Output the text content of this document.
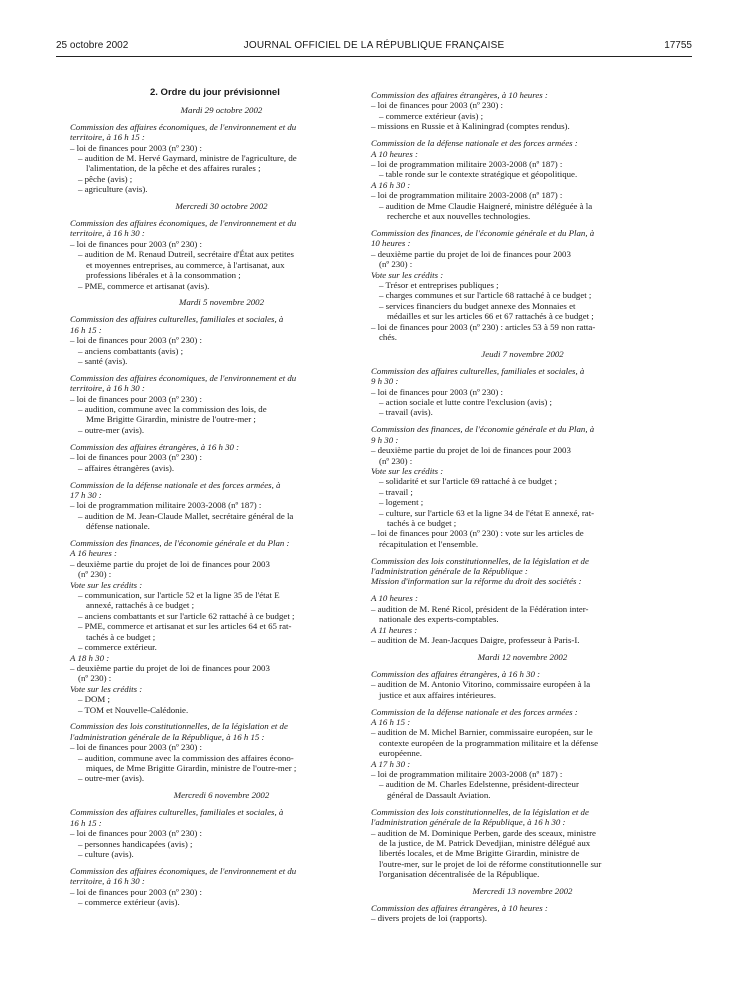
25 octobre 2002	JOURNAL OFFICIEL DE LA RÉPUBLIQUE FRANÇAISE	17755
2. Ordre du jour prévisionnel
Mardi 29 octobre 2002
Commission des affaires économiques, de l'environnement et du
territoire, à 16 h 15 :
– loi de finances pour 2003 (nº 230) :
– audition de M. Hervé Gaymard, ministre de l'agriculture, de
l'alimentation, de la pêche et des affaires rurales ;
– pêche (avis) ;
– agriculture (avis).
Mercredi 30 octobre 2002
Commission des affaires économiques, de l'environnement et du
territoire, à 16 h 30 :
– loi de finances pour 2003 (nº 230) :
– audition de M. Renaud Dutreil, secrétaire d'État aux petites
et moyennes entreprises, au commerce, à l'artisanat, aux
professions libérales et à la consommation ;
– PME, commerce et artisanat (avis).
Mardi 5 novembre 2002
Commission des affaires culturelles, familiales et sociales, à
16 h 15 :
– loi de finances pour 2003 (nº 230) :
– anciens combattants (avis) ;
– santé (avis).
Commission des affaires économiques, de l'environnement et du
territoire, à 16 h 30 :
– loi de finances pour 2003 (nº 230) :
– audition, commune avec la commission des lois, de
Mme Brigitte Girardin, ministre de l'outre-mer ;
– outre-mer (avis).
Commission des affaires étrangères, à 16 h 30 :
– loi de finances pour 2003 (nº 230) :
– affaires étrangères (avis).
Commission de la défense nationale et des forces armées, à
17 h 30 :
– loi de programmation militaire 2003-2008 (nº 187) :
– audition de M. Jean-Claude Mallet, secrétaire général de la
défense nationale.
Commission des finances, de l'économie générale et du Plan :
A 16 heures :
– deuxième partie du projet de loi de finances pour 2003
(nº 230) :
Vote sur les crédits :
– communication, sur l'article 52 et la ligne 35 de l'état E
annexé, rattachés à ce budget ;
– anciens combattants et sur l'article 62 rattaché à ce budget ;
– PME, commerce et artisanat et sur les articles 64 et 65 rat-
tachés à ce budget ;
– commerce extérieur.
A 18 h 30 :
– deuxième partie du projet de loi de finances pour 2003
(nº 230) :
Vote sur les crédits :
– DOM ;
– TOM et Nouvelle-Calédonie.
Commission des lois constitutionnelles, de la législation et de
l'administration générale de la République, à 16 h 15 :
– loi de finances pour 2003 (nº 230) :
– audition, commune avec la commission des affaires écono-
miques, de Mme Brigitte Girardin, ministre de l'outre-mer ;
– outre-mer (avis).
Mercredi 6 novembre 2002
Commission des affaires culturelles, familiales et sociales, à
16 h 15 :
– loi de finances pour 2003 (nº 230) :
– personnes handicapées (avis) ;
– culture (avis).
Commission des affaires économiques, de l'environnement et du
territoire, à 16 h 30 :
– loi de finances pour 2003 (nº 230) :
– commerce extérieur (avis).
Commission des affaires étrangères, à 10 heures :
– loi de finances pour 2003 (nº 230) :
– commerce extérieur (avis) ;
– missions en Russie et à Kaliningrad (comptes rendus).
Commission de la défense nationale et des forces armées :
A 10 heures :
– loi de programmation militaire 2003-2008 (nº 187) :
– table ronde sur le contexte stratégique et géopolitique.
A 16 h 30 :
– loi de programmation militaire 2003-2008 (nº 187) :
– audition de Mme Claudie Haigneré, ministre déléguée à la
recherche et aux nouvelles technologies.
Commission des finances, de l'économie générale et du Plan, à
10 heures :
– deuxième partie du projet de loi de finances pour 2003
(nº 230) :
Vote sur les crédits :
– Trésor et entreprises publiques ;
– charges communes et sur l'article 68 rattaché à ce budget ;
– services financiers du budget annexe des Monnaies et
médailles et sur les articles 66 et 67 rattachés à ce budget ;
– loi de finances pour 2003 (nº 230) : articles 53 à 59 non ratta-
chés.
Jeudi 7 novembre 2002
Commission des affaires culturelles, familiales et sociales, à
9 h 30 :
– loi de finances pour 2003 (nº 230) :
– action sociale et lutte contre l'exclusion (avis) ;
– travail (avis).
Commission des finances, de l'économie générale et du Plan, à
9 h 30 :
– deuxième partie du projet de loi de finances pour 2003
(nº 230) :
Vote sur les crédits :
– solidarité et sur l'article 69 rattaché à ce budget ;
– travail ;
– logement ;
– culture, sur l'article 63 et la ligne 34 de l'état E annexé, rat-
tachés à ce budget ;
– loi de finances pour 2003 (nº 230) : vote sur les articles de
récapitulation et l'ensemble.
Commission des lois constitutionnelles, de la législation et de
l'administration générale de la République :
Mission d'information sur la réforme du droit des sociétés :
A 10 heures :
– audition de M. René Ricol, président de la Fédération inter-
nationale des experts-comptables.
A 11 heures :
– audition de M. Jean-Jacques Daigre, professeur à Paris-I.
Mardi 12 novembre 2002
Commission des affaires étrangères, à 16 h 30 :
– audition de M. Antonio Vitorino, commissaire européen à la
justice et aux affaires intérieures.
Commission de la défense nationale et des forces armées :
A 16 h 15 :
– audition de M. Michel Barnier, commissaire européen, sur le
contexte européen de la programmation militaire et la défense
européenne.
A 17 h 30 :
– loi de programmation militaire 2003-2008 (nº 187) :
– audition de M. Charles Edelstenne, président-directeur
général de Dassault Aviation.
Commission des lois constitutionnelles, de la législation et de
l'administration générale de la République, à 16 h 30 :
– audition de M. Dominique Perben, garde des sceaux, ministre
de la justice, de M. Patrick Devedjian, ministre délégué aux
libertés locales, et de Mme Brigitte Girardin, ministre de
l'outre-mer, sur le projet de loi de réforme constitutionnelle sur
l'organisation décentralisée de la République.
Mercredi 13 novembre 2002
Commission des affaires étrangères, à 10 heures :
– divers projets de loi (rapports).
